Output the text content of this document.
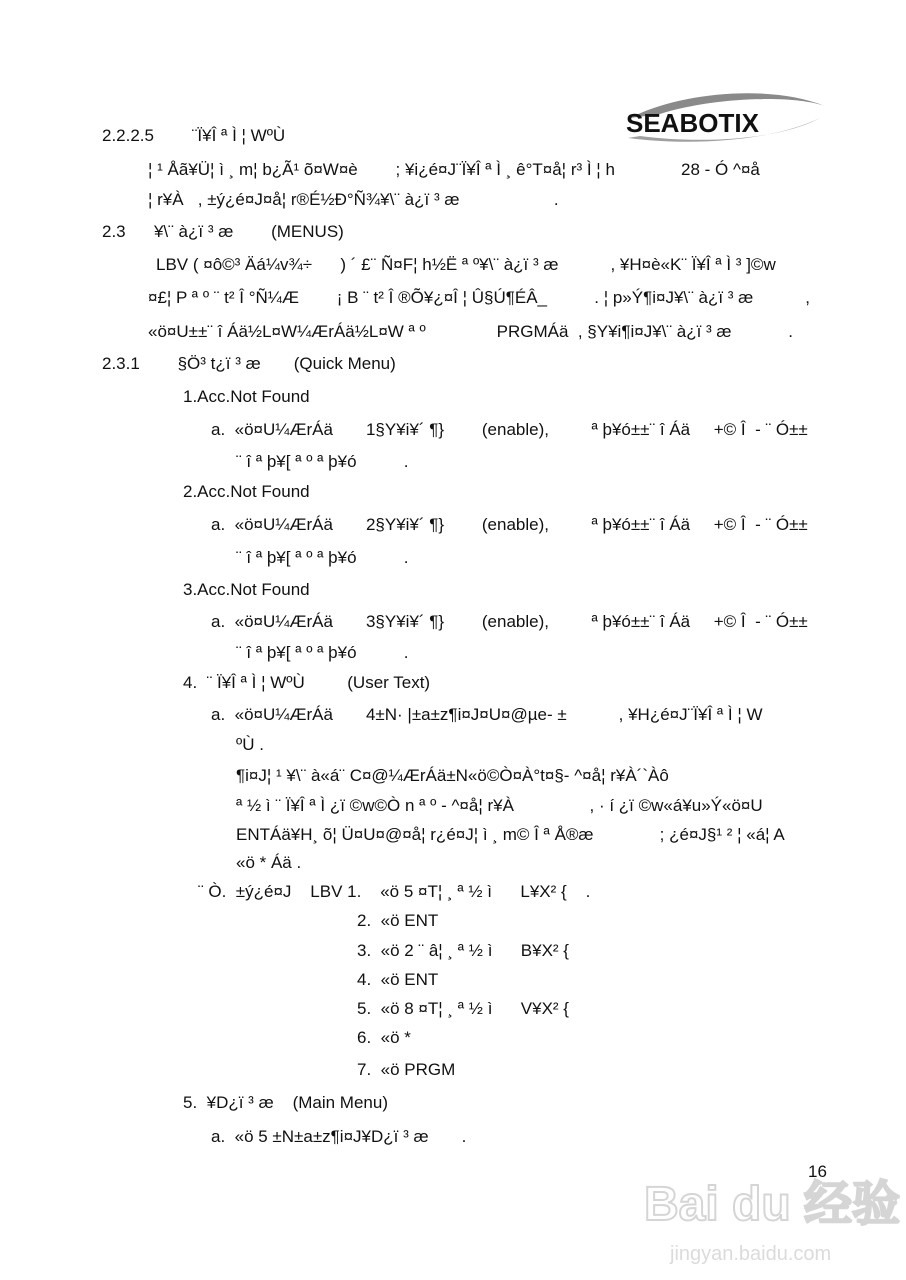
SEABOTIX
2.2.2.5        ¨Ï¥Î ª Ì ¦ WºÙ
¦ ¹ Åã¥Ü¦ ì ¸ m¦ b¿Ã¹ õ¤W¤è        ; ¥i¿é¤J¨Ï¥Î ª Ì ¸ ê°T¤å¦ r³ Ì ¦ h              28 - Ó ^¤å
¦ r¥À   , ±ý¿é¤J¤å¦ r®É½Ð°Ñ¾¥\¨ à¿ï ³ æ                    .
2.3      ¥\¨ à¿ï ³ æ        (MENUS)
LBV ( ¤ô©³ Äá¼v¾÷      ) ´ £¨ Ñ¤F¦ h½Ë ª º¥\¨ à¿ï ³ æ           , ¥H¤è«K¨ Ï¥Î ª Ì ³ ]©w
¤£¦ P ª º ¨ t² Î °Ñ¼Æ        ¡ B ¨ t² Î ®Õ¥¿¤Î ¦ Û§Ú¶ÉÂ_          . ¦ p»Ý¶i¤J¥\¨ à¿ï ³ æ           ,
«ö¤U±±¨ î Áä½L¤W¼ÆrÁä½L¤W ª º               PRGMÁä  , §Y¥i¶i¤J¥\¨ à¿ï ³ æ            .
2.3.1        §Ö³ t¿ï ³ æ       (Quick Menu)
1.Acc.Not Found
a.  «ö¤U¼ÆrÁä       1§Y¥i¥´ ¶}        (enable),         ª þ¥ó±±¨ î Áä     +© Î  - ¨ Ó±±
¨ î ª þ¥[ ª º ª þ¥ó          .
2.Acc.Not Found
a.  «ö¤U¼ÆrÁä       2§Y¥i¥´ ¶}        (enable),         ª þ¥ó±±¨ î Áä     +© Î  - ¨ Ó±±
¨ î ª þ¥[ ª º ª þ¥ó          .
3.Acc.Not Found
a.  «ö¤U¼ÆrÁä       3§Y¥i¥´ ¶}        (enable),         ª þ¥ó±±¨ î Áä     +© Î  - ¨ Ó±±
¨ î ª þ¥[ ª º ª þ¥ó          .
4.  ¨ Ï¥Î ª Ì ¦ WºÙ         (User Text)
a.  «ö¤U¼ÆrÁä       4±N· |±a±z¶i¤J¤U¤@µe- ±           , ¥H¿é¤J¨Ï¥Î ª Ì ¦ W
ºÙ .
¶i¤J¦ ¹ ¥\¨ à«á¨ C¤@¼ÆrÁä±N«ö©Ò¤À°t¤§- ^¤å¦ r¥À´`Àô
ª ½ ì ¨ Ï¥Î ª Ì ¿ï ©w©Ò n ª º - ^¤å¦ r¥À                , · í ¿ï ©w«á¥u»Ý«ö¤U
ENTÁä¥H¸ õ¦ Ü¤U¤@¤å¦ r¿é¤J¦ ì ¸ m© Î ª Å®æ              ; ¿é¤J§¹ ² ¦ «á¦ A
«ö * Áä .
¨ Ò.  ±ý¿é¤J    LBV 1.    «ö 5 ¤T¦ ¸ ª ½ ì      L¥X² {    .
2.  «ö ENT
3.  «ö 2 ¨ â¦ ¸ ª ½ ì      B¥X² {
4.  «ö ENT
5.  «ö 8 ¤T¦ ¸ ª ½ ì      V¥X² {
6.  «ö *
7.  «ö PRGM
5.  ¥D¿ï ³ æ    (Main Menu)
a.  «ö 5 ±N±a±z¶i¤J¥D¿ï ³ æ       .
16
Bai du 经验
jingyan.baidu.com
